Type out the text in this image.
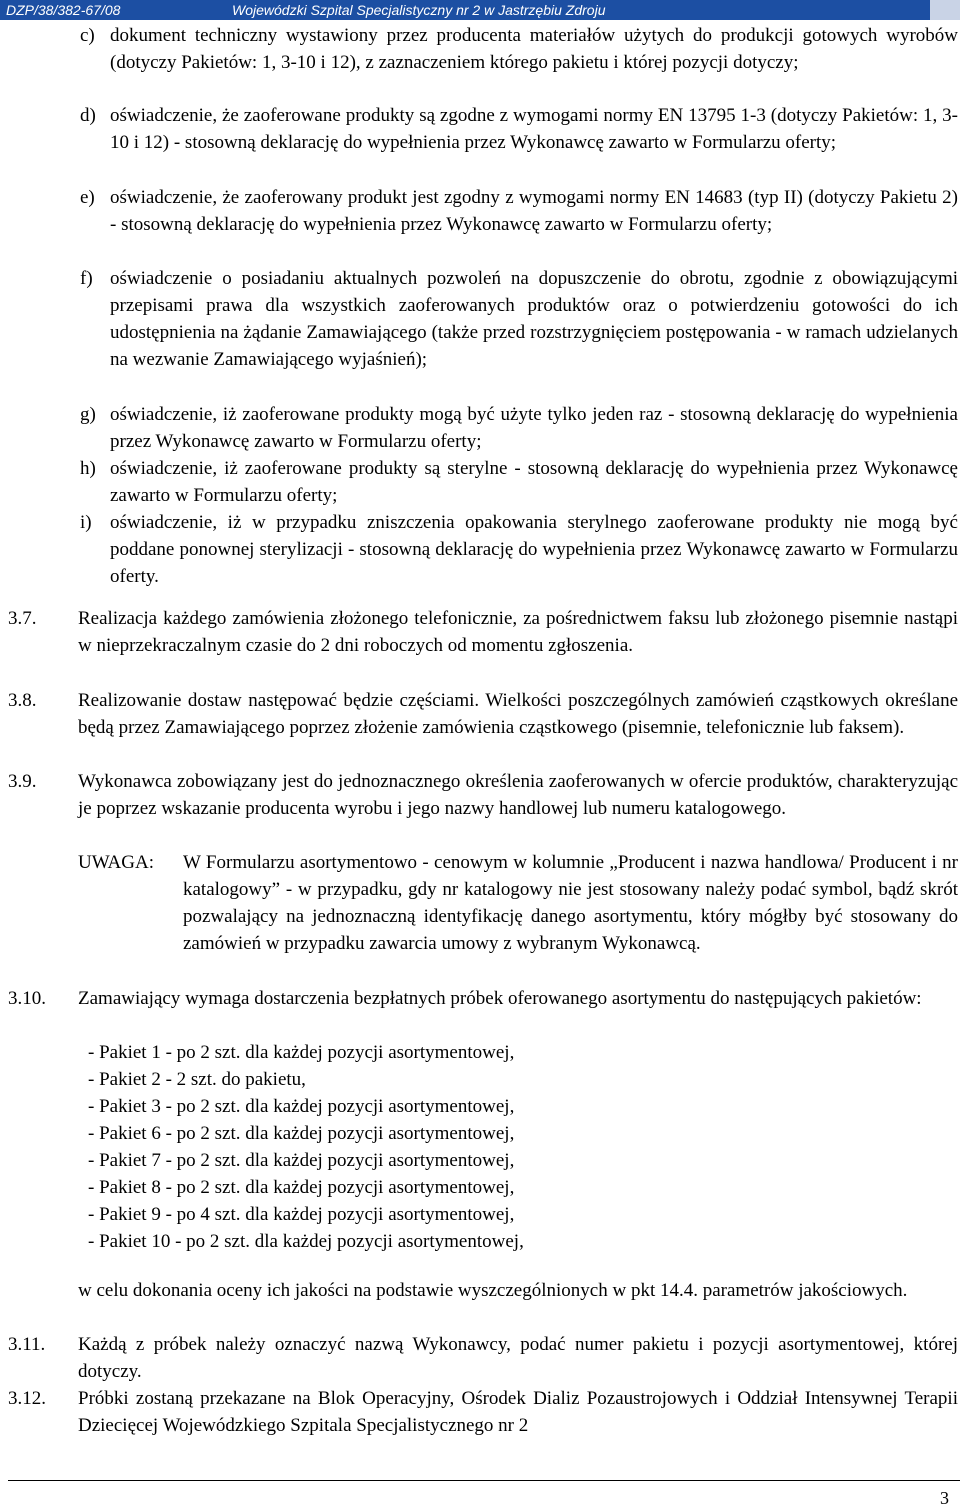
DZP/38/382-67/08	Wojewódzki Szpital Specjalistyczny nr 2 w Jastrzębiu Zdroju
c) dokument techniczny wystawiony przez producenta materiałów użytych do produkcji gotowych wyrobów (dotyczy Pakietów: 1, 3-10 i 12), z zaznaczeniem którego pakietu i której pozycji dotyczy;
d) oświadczenie, że zaoferowane produkty są zgodne z wymogami normy EN 13795 1-3 (dotyczy Pakietów: 1, 3-10 i 12) - stosowną deklarację do wypełnienia przez Wykonawcę zawarto w Formularzu oferty;
e) oświadczenie, że zaoferowany produkt jest zgodny z wymogami normy EN 14683 (typ II) (dotyczy Pakietu 2) - stosowną deklarację do wypełnienia przez Wykonawcę zawarto w Formularzu oferty;
f) oświadczenie o posiadaniu aktualnych pozwoleń na dopuszczenie do obrotu, zgodnie z obowiązującymi przepisami prawa dla wszystkich zaoferowanych produktów oraz o potwierdzeniu gotowości do ich udostępnienia na żądanie Zamawiającego (także przed rozstrzygnięciem postępowania - w ramach udzielanych na wezwanie Zamawiającego wyjaśnień);
g) oświadczenie, iż zaoferowane produkty mogą być użyte tylko jeden raz - stosowną deklarację do wypełnienia przez Wykonawcę zawarto w Formularzu oferty;
h) oświadczenie, iż zaoferowane produkty są sterylne - stosowną deklarację do wypełnienia przez Wykonawcę zawarto w Formularzu oferty;
i) oświadczenie, iż w przypadku zniszczenia opakowania sterylnego zaoferowane produkty nie mogą być poddane ponownej sterylizacji - stosowną deklarację do wypełnienia przez Wykonawcę zawarto w Formularzu oferty.
3.7. Realizacja każdego zamówienia złożonego telefonicznie, za pośrednictwem faksu lub złożonego pisemnie nastąpi w nieprzekraczalnym czasie do 2 dni roboczych od momentu zgłoszenia.
3.8. Realizowanie dostaw następować będzie częściami. Wielkości poszczególnych zamówień cząstkowych określane będą przez Zamawiającego poprzez złożenie zamówienia cząstkowego (pisemnie, telefonicznie lub faksem).
3.9. Wykonawca zobowiązany jest do jednoznacznego określenia zaoferowanych w ofercie produktów, charakteryzując je poprzez wskazanie producenta wyrobu i jego nazwy handlowej lub numeru katalogowego.
UWAGA: W Formularzu asortymentowo - cenowym w kolumnie „Producent i nazwa handlowa/ Producent i nr katalogowy” - w przypadku, gdy nr katalogowy nie jest stosowany należy podać symbol, bądź skrót pozwalający na jednoznaczną identyfikację danego asortymentu, który mógłby być stosowany do zamówień w przypadku zawarcia umowy z wybranym Wykonawcą.
3.10. Zamawiający wymaga dostarczenia bezpłatnych próbek oferowanego asortymentu do następujących pakietów:
- Pakiet 1 - po 2 szt. dla każdej pozycji asortymentowej,
- Pakiet 2 - 2 szt. do pakietu,
- Pakiet 3 - po 2 szt. dla każdej pozycji asortymentowej,
- Pakiet 6 - po 2 szt. dla każdej pozycji asortymentowej,
- Pakiet 7 - po 2 szt. dla każdej pozycji asortymentowej,
- Pakiet 8 - po 2 szt. dla każdej pozycji asortymentowej,
- Pakiet 9 - po 4 szt. dla każdej pozycji asortymentowej,
- Pakiet 10 - po 2 szt. dla każdej pozycji asortymentowej,
w celu dokonania oceny ich jakości na podstawie wyszczególnionych w pkt 14.4. parametrów jakościowych.
3.11. Każdą z próbek należy oznaczyć nazwą Wykonawcy, podać numer pakietu i pozycji asortymentowej, której dotyczy.
3.12. Próbki zostaną przekazane na Blok Operacyjny, Ośrodek Dializ Pozaustrojowych i Oddział Intensywnej Terapii Dziecięcej Wojewódzkiego Szpitala Specjalistycznego nr 2
3
